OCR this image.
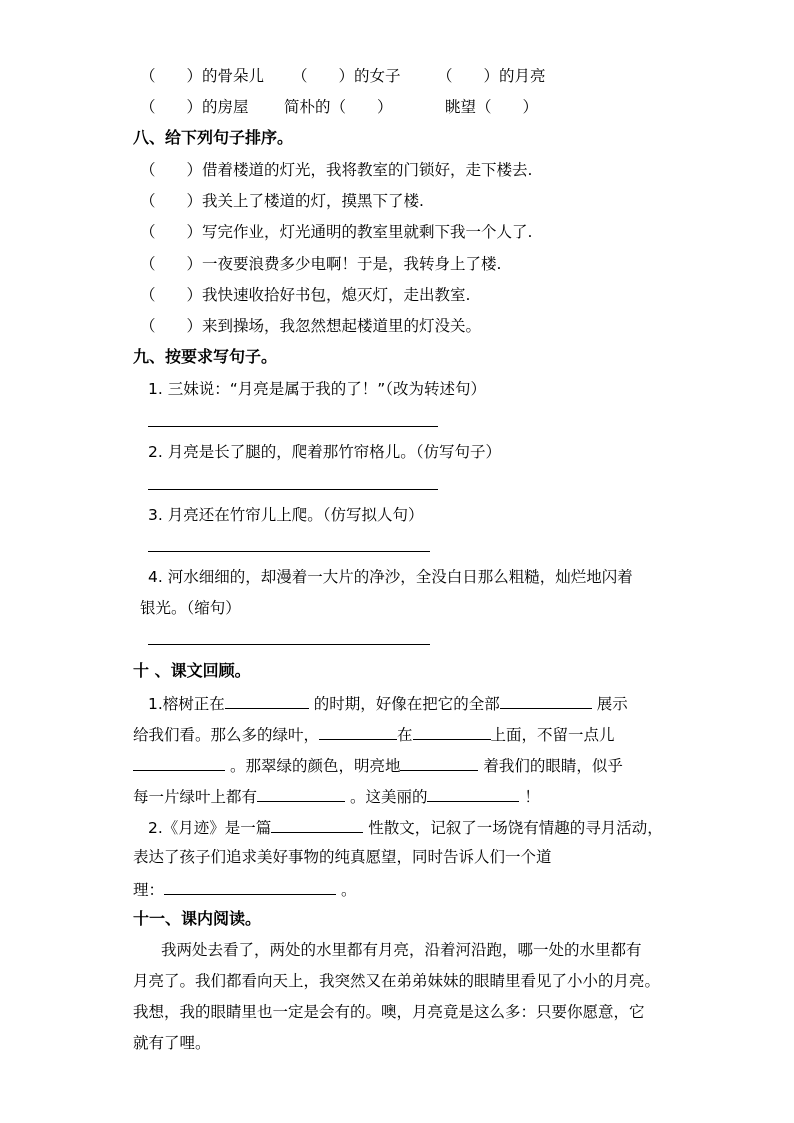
（　　）的骨朵儿 （　　）的女子 （　　）的月亮
（　　）的房屋 简朴的（　　）	眺望（　　）
八、给下列句子排序。
（　　）借着楼道的灯光，我将教室的门锁好，走下楼去.
（　　）我关上了楼道的灯，摸黑下了楼.
（　　）写完作业，灯光通明的教室里就剩下我一个人了.
（　　）一夜要浪费多少电啊！于是，我转身上了楼.
（　　）我快速收拾好书包，熄灭灯，走出教室.
（　　）来到操场，我忽然想起楼道里的灯没关。
九、按要求写句子。
1. 三妹说：“月亮是属于我的了！”（改为转述句）
2. 月亮是长了腿的，爬着那竹帘格儿。（仿写句子）
3. 月亮还在竹帘儿上爬。（仿写拟人句）
4. 河水细细的，却漫着一大片的净沙，全没白日那么粗糙，灿烂地闪着
银光。（缩句）
十 、课文回顾。
1.榕树正在	的时期，好像在把它的全部	展示
给我们看。那么多的绿叶，	在	上面，不留一点儿
。那翠绿的颜色，明亮地	着我们的眼睛，似乎
每一片绿叶上都有	。这美丽的	！
2.《月迹》是一篇	性散文，记叙了一场饶有情趣的寻月活动，
表达了孩子们追求美好事物的纯真愿望，同时告诉人们一个道
理：	。
十一、课内阅读。
我两处去看了，两处的水里都有月亮，沿着河沿跑，哪一处的水里都有
月亮了。我们都看向天上，我突然又在弟弟妹妹的眼睛里看见了小小的月亮。
我想，我的眼睛里也一定是会有的。噢，月亮竟是这么多：只要你愿意，它
就有了哩。
